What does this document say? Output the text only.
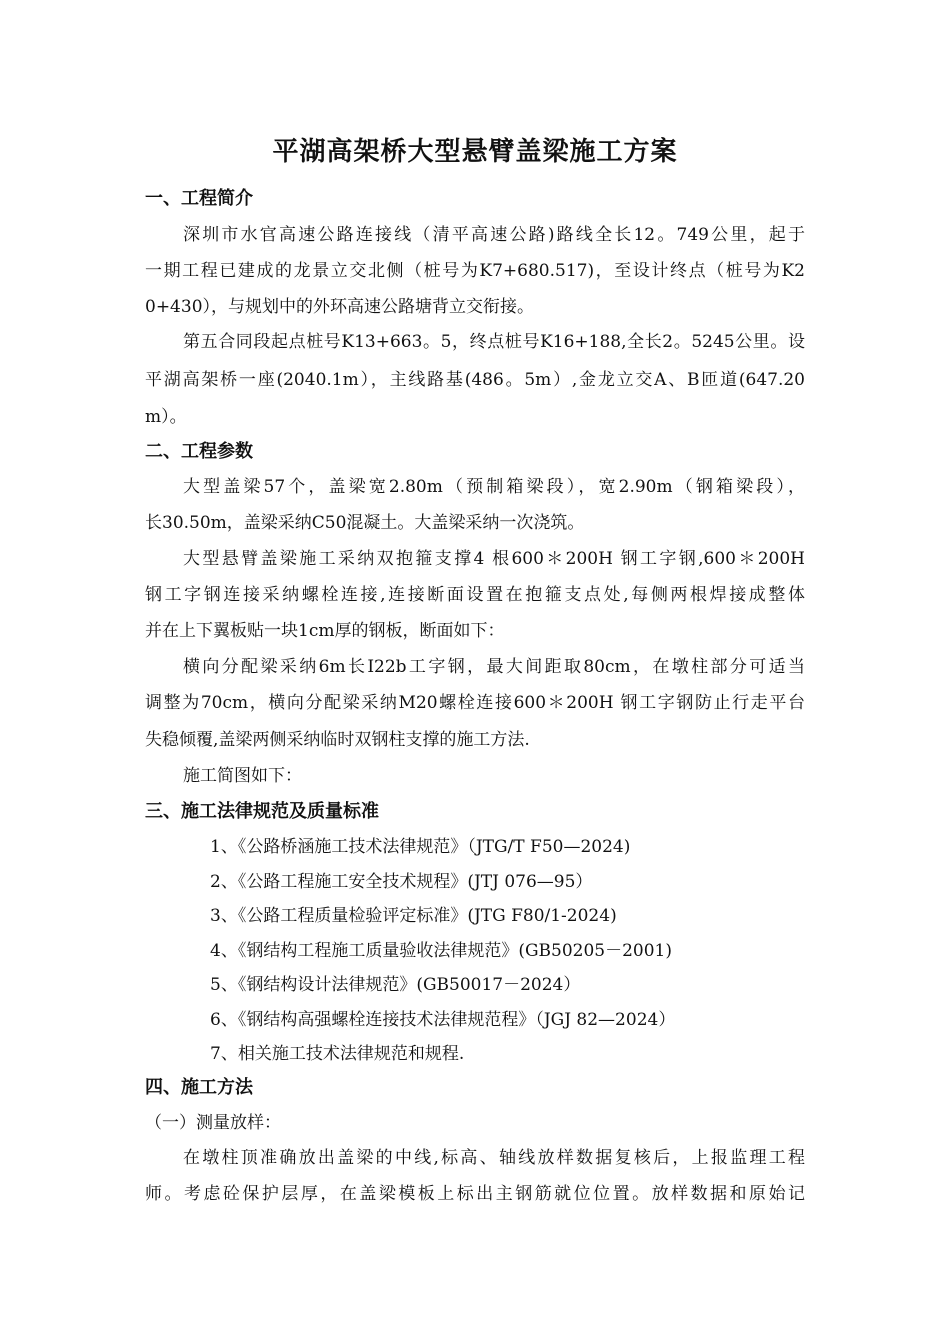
平湖高架桥大型悬臂盖梁施工方案
一、工程简介
深圳市水官高速公路连接线（清平高速公路)路线全长12。749公里，起于
一期工程已建成的龙景立交北侧（桩号为K7+680.517)，至设计终点（桩号为K2
0+430），与规划中的外环高速公路塘背立交衔接。
第五合同段起点桩号K13+663。5，终点桩号K16+188,全长2。5245公里。设
平湖高架桥一座(2040.1m），主线路基(486。5m）,金龙立交A、B匝道(647.20
m）。
二、工程参数
大型盖梁57个，盖梁宽2.80m（预制箱梁段），宽2.90m（钢箱梁段），
长30.50m，盖梁采纳C50混凝土。大盖梁采纳一次浇筑。
大型悬臂盖梁施工采纳双抱箍支撑4 根600＊200H 钢工字钢,600＊200H
钢工字钢连接采纳螺栓连接,连接断面设置在抱箍支点处,每侧两根焊接成整体
并在上下翼板贴一块1cm厚的钢板，断面如下：
横向分配梁采纳6m长I22b工字钢，最大间距取80cm，在墩柱部分可适当
调整为70cm，横向分配梁采纳M20螺栓连接600＊200H 钢工字钢防止行走平台
失稳倾覆,盖梁两侧采纳临时双钢柱支撑的施工方法.
施工简图如下：
三、施工法律规范及质量标准
1、《公路桥涵施工技术法律规范》（JTG/T F50—2024)
2、《公路工程施工安全技术规程》(JTJ 076—95）
3、《公路工程质量检验评定标准》(JTG F80/1-2024)
4、《钢结构工程施工质量验收法律规范》(GB50205－2001)
5、《钢结构设计法律规范》(GB50017－2024）
6、《钢结构高强螺栓连接技术法律规范程》（JGJ 82—2024）
7、相关施工技术法律规范和规程.
四、施工方法
（一）测量放样：
在墩柱顶准确放出盖梁的中线,标高、轴线放样数据复核后，上报监理工程
师。考虑砼保护层厚，在盖梁模板上标出主钢筋就位位置。放样数据和原始记
